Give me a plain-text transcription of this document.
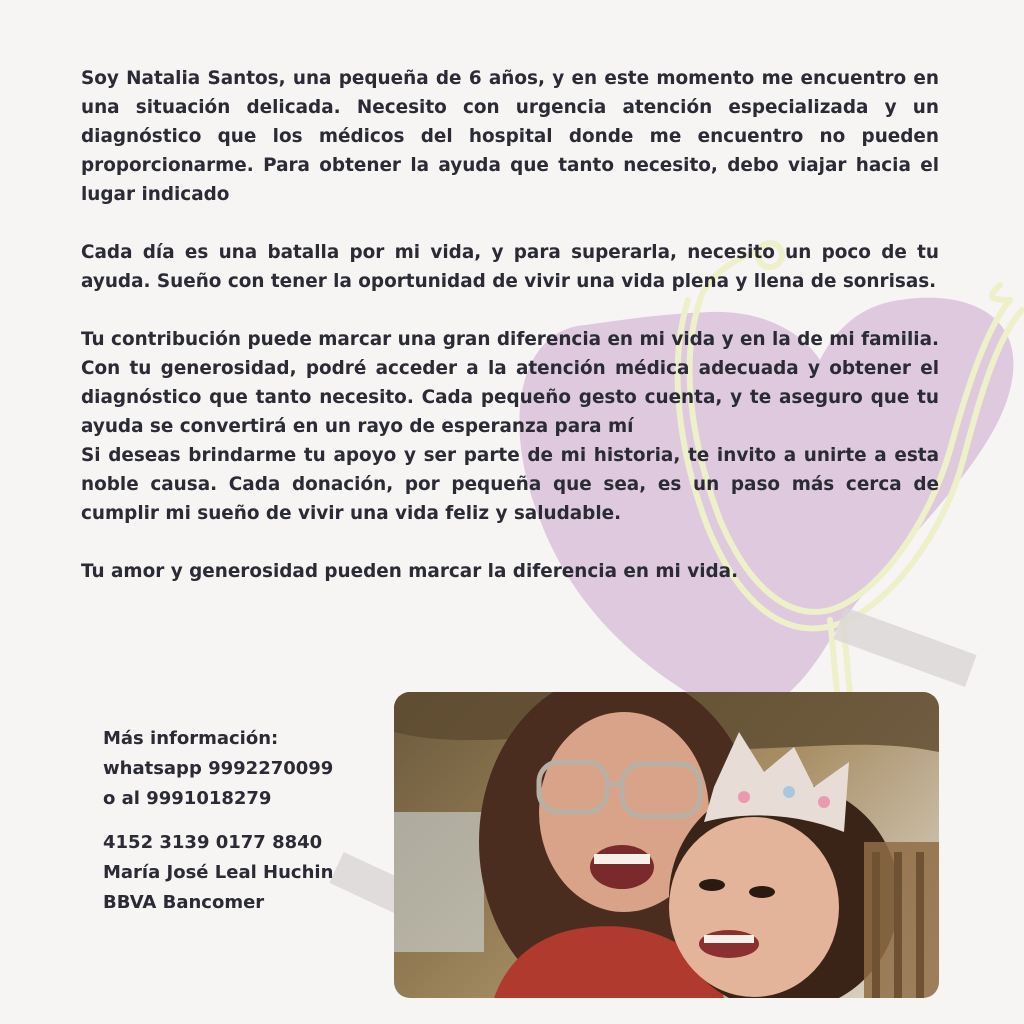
Soy Natalia Santos, una pequeña de 6 años, y en este momento me encuentro en una situación delicada. Necesito con urgencia atención especializada y un diagnóstico que los médicos del hospital donde me encuentro no pueden proporcionarme. Para obtener la ayuda que tanto necesito, debo viajar hacia el lugar indicado

Cada día es una batalla por mi vida, y para superarla, necesito un poco de tu ayuda. Sueño con tener la oportunidad de vivir una vida plena y llena de sonrisas.

Tu contribución puede marcar una gran diferencia en mi vida y en la de mi familia. Con tu generosidad, podré acceder a la atención médica adecuada y obtener el diagnóstico que tanto necesito. Cada pequeño gesto cuenta, y te aseguro que tu ayuda se convertirá en un rayo de esperanza para mí

Si deseas brindarme tu apoyo y ser parte de mi historia, te invito a unirte a esta noble causa. Cada donación, por pequeña que sea, es un paso más cerca de cumplir mi sueño de vivir una vida feliz y saludable.

Tu amor y generosidad pueden marcar la diferencia en mi vida.

Más información:
whatsapp 9992270099
o al 9991018279
4152 3139 0177 8840
María José Leal Huchin
BBVA Bancomer
